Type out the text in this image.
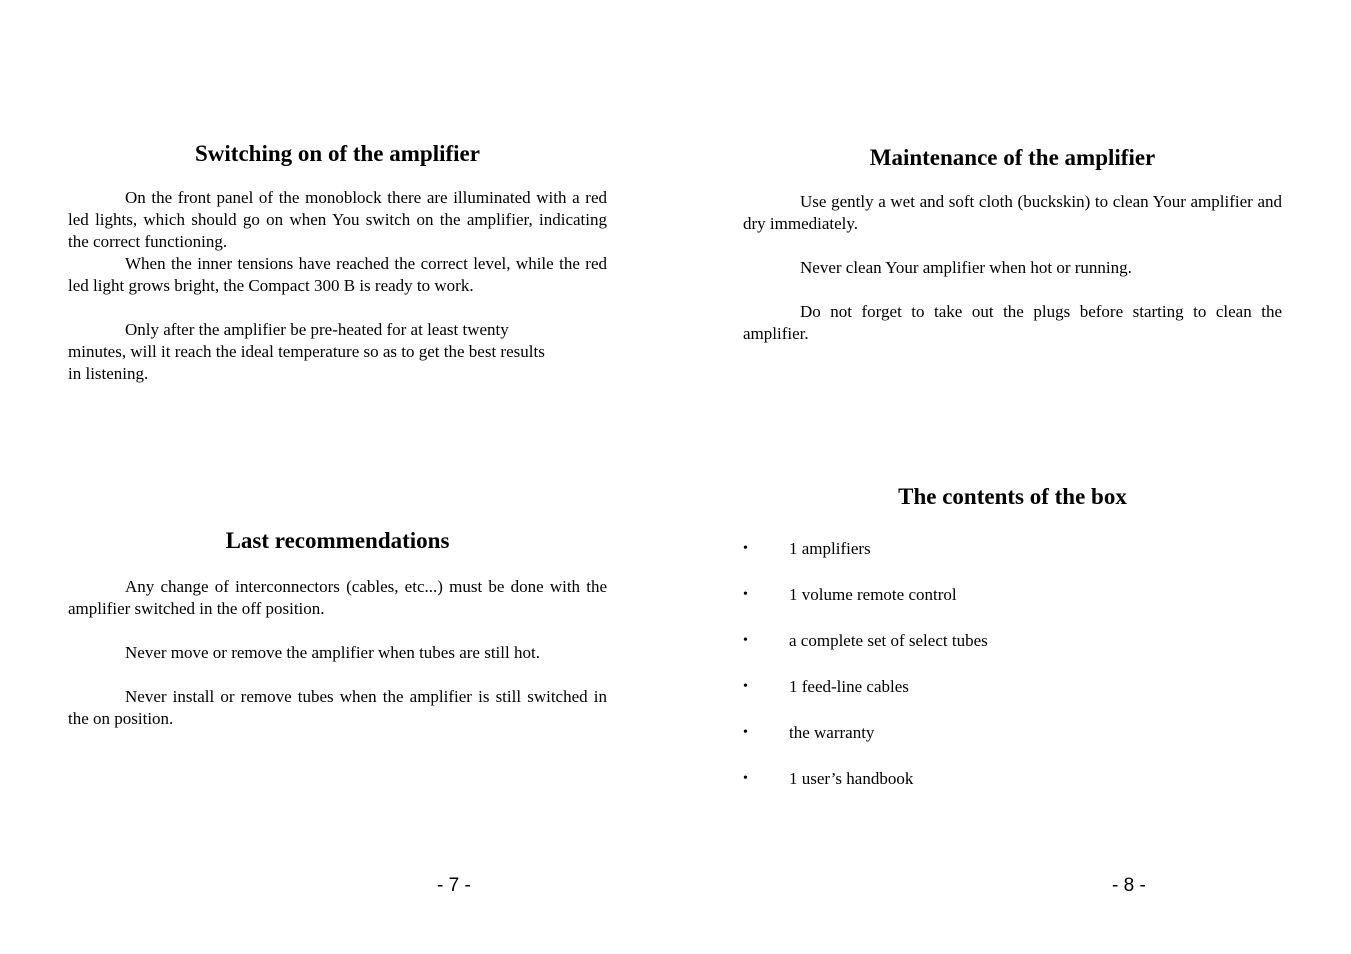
Switching on of the amplifier

On the front panel of the monoblock there are illuminated with a red led lights, which should go on when You switch on the amplifier, indicating the correct functioning.

When the inner tensions have reached the correct level, while the red led light grows bright, the Compact 300 B is ready to work.

Only after the amplifier be pre-heated for at least twenty minutes, will it reach the ideal temperature so as to get the best results in listening.

Last recommendations

Any change of interconnectors (cables, etc...) must be done with the amplifier switched in the off position.

Never move or remove the amplifier when tubes are still hot.

Never install or remove tubes when the amplifier is still switched in the on position.

- 7 -
Maintenance of the amplifier

Use gently a wet and soft cloth (buckskin) to clean Your amplifier and dry immediately.

Never clean Your amplifier when hot or running.

Do not forget to take out the plugs before starting to clean the amplifier.

The contents of the box
• 1 amplifiers
• 1 volume remote control
• a complete set of select tubes
• 1 feed-line cables
• the warranty
• 1 user’s handbook
- 8 -
